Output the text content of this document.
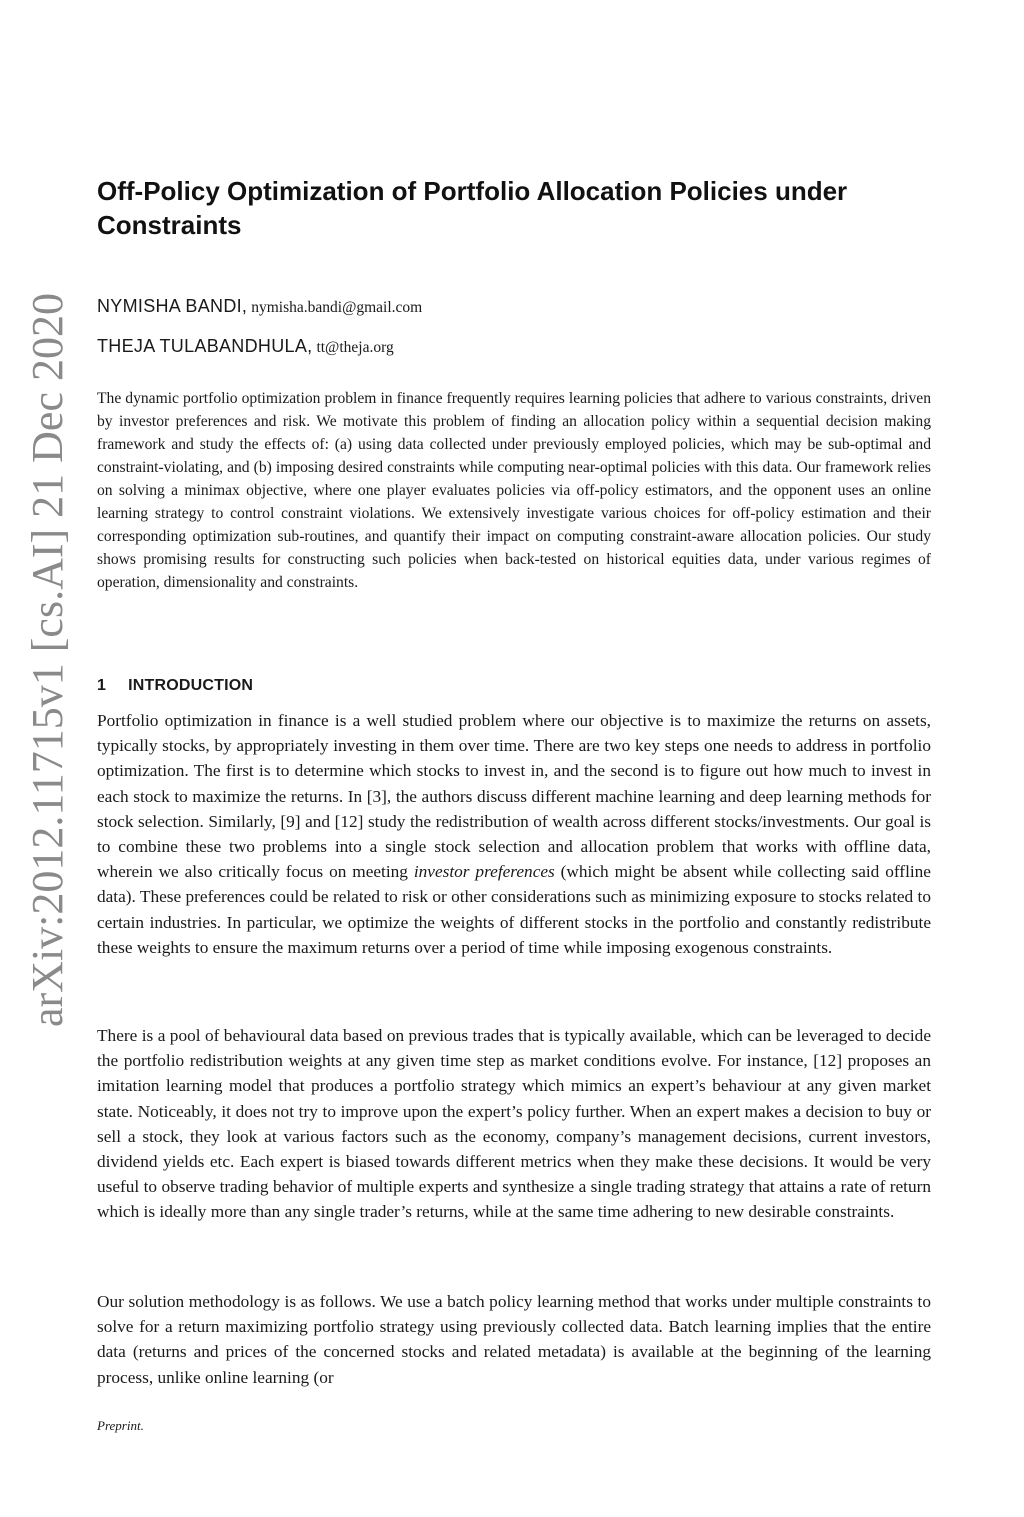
arXiv:2012.11715v1 [cs.AI] 21 Dec 2020
Off-Policy Optimization of Portfolio Allocation Policies under Constraints
NYMISHA BANDI, nymisha.bandi@gmail.com
THEJA TULABANDHULA, tt@theja.org

The dynamic portfolio optimization problem in finance frequently requires learning policies that adhere to various constraints, driven by investor preferences and risk. We motivate this problem of finding an allocation policy within a sequential decision making framework and study the effects of: (a) using data collected under previously employed policies, which may be sub-optimal and constraint-violating, and (b) imposing desired constraints while computing near-optimal policies with this data. Our framework relies on solving a minimax objective, where one player evaluates policies via off-policy estimators, and the opponent uses an online learning strategy to control constraint violations. We extensively investigate various choices for off-policy estimation and their corresponding optimization sub-routines, and quantify their impact on computing constraint-aware allocation policies. Our study shows promising results for constructing such policies when back-tested on historical equities data, under various regimes of operation, dimensionality and constraints.

1 INTRODUCTION

Portfolio optimization in finance is a well studied problem where our objective is to maximize the returns on assets, typically stocks, by appropriately investing in them over time. There are two key steps one needs to address in portfolio optimization. The first is to determine which stocks to invest in, and the second is to figure out how much to invest in each stock to maximize the returns. In [3], the authors discuss different machine learning and deep learning methods for stock selection. Similarly, [9] and [12] study the redistribution of wealth across different stocks/investments. Our goal is to combine these two problems into a single stock selection and allocation problem that works with offline data, wherein we also critically focus on meeting investor preferences (which might be absent while collecting said offline data). These preferences could be related to risk or other considerations such as minimizing exposure to stocks related to certain industries. In particular, we optimize the weights of different stocks in the portfolio and constantly redistribute these weights to ensure the maximum returns over a period of time while imposing exogenous constraints.

There is a pool of behavioural data based on previous trades that is typically available, which can be leveraged to decide the portfolio redistribution weights at any given time step as market conditions evolve. For instance, [12] proposes an imitation learning model that produces a portfolio strategy which mimics an expert’s behaviour at any given market state. Noticeably, it does not try to improve upon the expert’s policy further. When an expert makes a decision to buy or sell a stock, they look at various factors such as the economy, company’s management decisions, current investors, dividend yields etc. Each expert is biased towards different metrics when they make these decisions. It would be very useful to observe trading behavior of multiple experts and synthesize a single trading strategy that attains a rate of return which is ideally more than any single trader’s returns, while at the same time adhering to new desirable constraints.

Our solution methodology is as follows. We use a batch policy learning method that works under multiple constraints to solve for a return maximizing portfolio strategy using previously collected data. Batch learning implies that the entire data (returns and prices of the concerned stocks and related metadata) is available at the beginning of the learning process, unlike online learning (or

Preprint.
